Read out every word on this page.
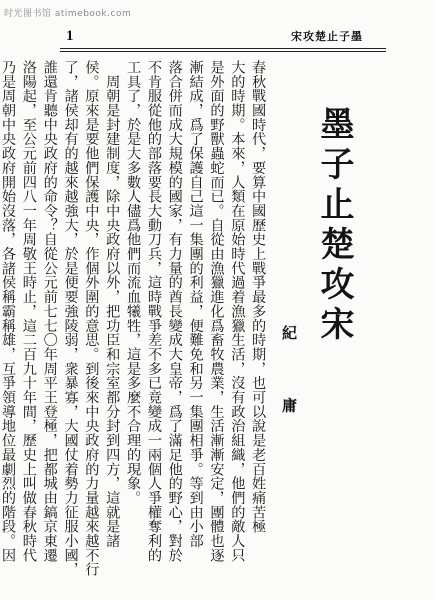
时光图书馆 atimebook.com
1	宋攻楚止子墨
墨子止楚攻宋
紀 庸
春秋戰國時代，要算中國歷史上戰爭最多的時期，也可以說是老百姓痛苦極
大的時期。本來，人類在原始時代過着漁獵生活，沒有政治組織，他們的敵人只
是外面的野獸蟲蛇而已。自從由漁獵進化爲畜牧農業，生活漸漸安定，團體也逐
漸結成，爲了保護自己這一集團的利益，便難免和另一集團相爭。等到由小部
落合併而成大規模的國家，有力量的酋長變成大皇帝，爲了滿足他的野心，對於
不肯服從他的部落要長大動刀兵，這時戰爭差不多已竟變成一兩個人爭權奪利的
工具了，於是大多數人儘爲他們而流血犧牲，這是多麼不合理的現象。
　周朝是封建制度，除中央政府以外，把功臣和宗室都分封到四方，這就是諸
侯。原來是要他們保護中央，作個外圍的意思。到後來中央政府的力量越來越不行
了，諸侯却有的越來越強大，於是便要強陵弱，衆暴寡，大國仗着勢力征服小國，
誰還肯聽中央政府的命令？自從公元前七七〇年周平王登極，把都城由鎬京東遷
洛陽起，至公元前四八一年周敬王時止，這二百九十年間，歷史上叫做春秋時代
乃是周朝中央政府開始沒落，各諸侯稱霸稱雄，互爭領導地位最劇烈的階段。因
